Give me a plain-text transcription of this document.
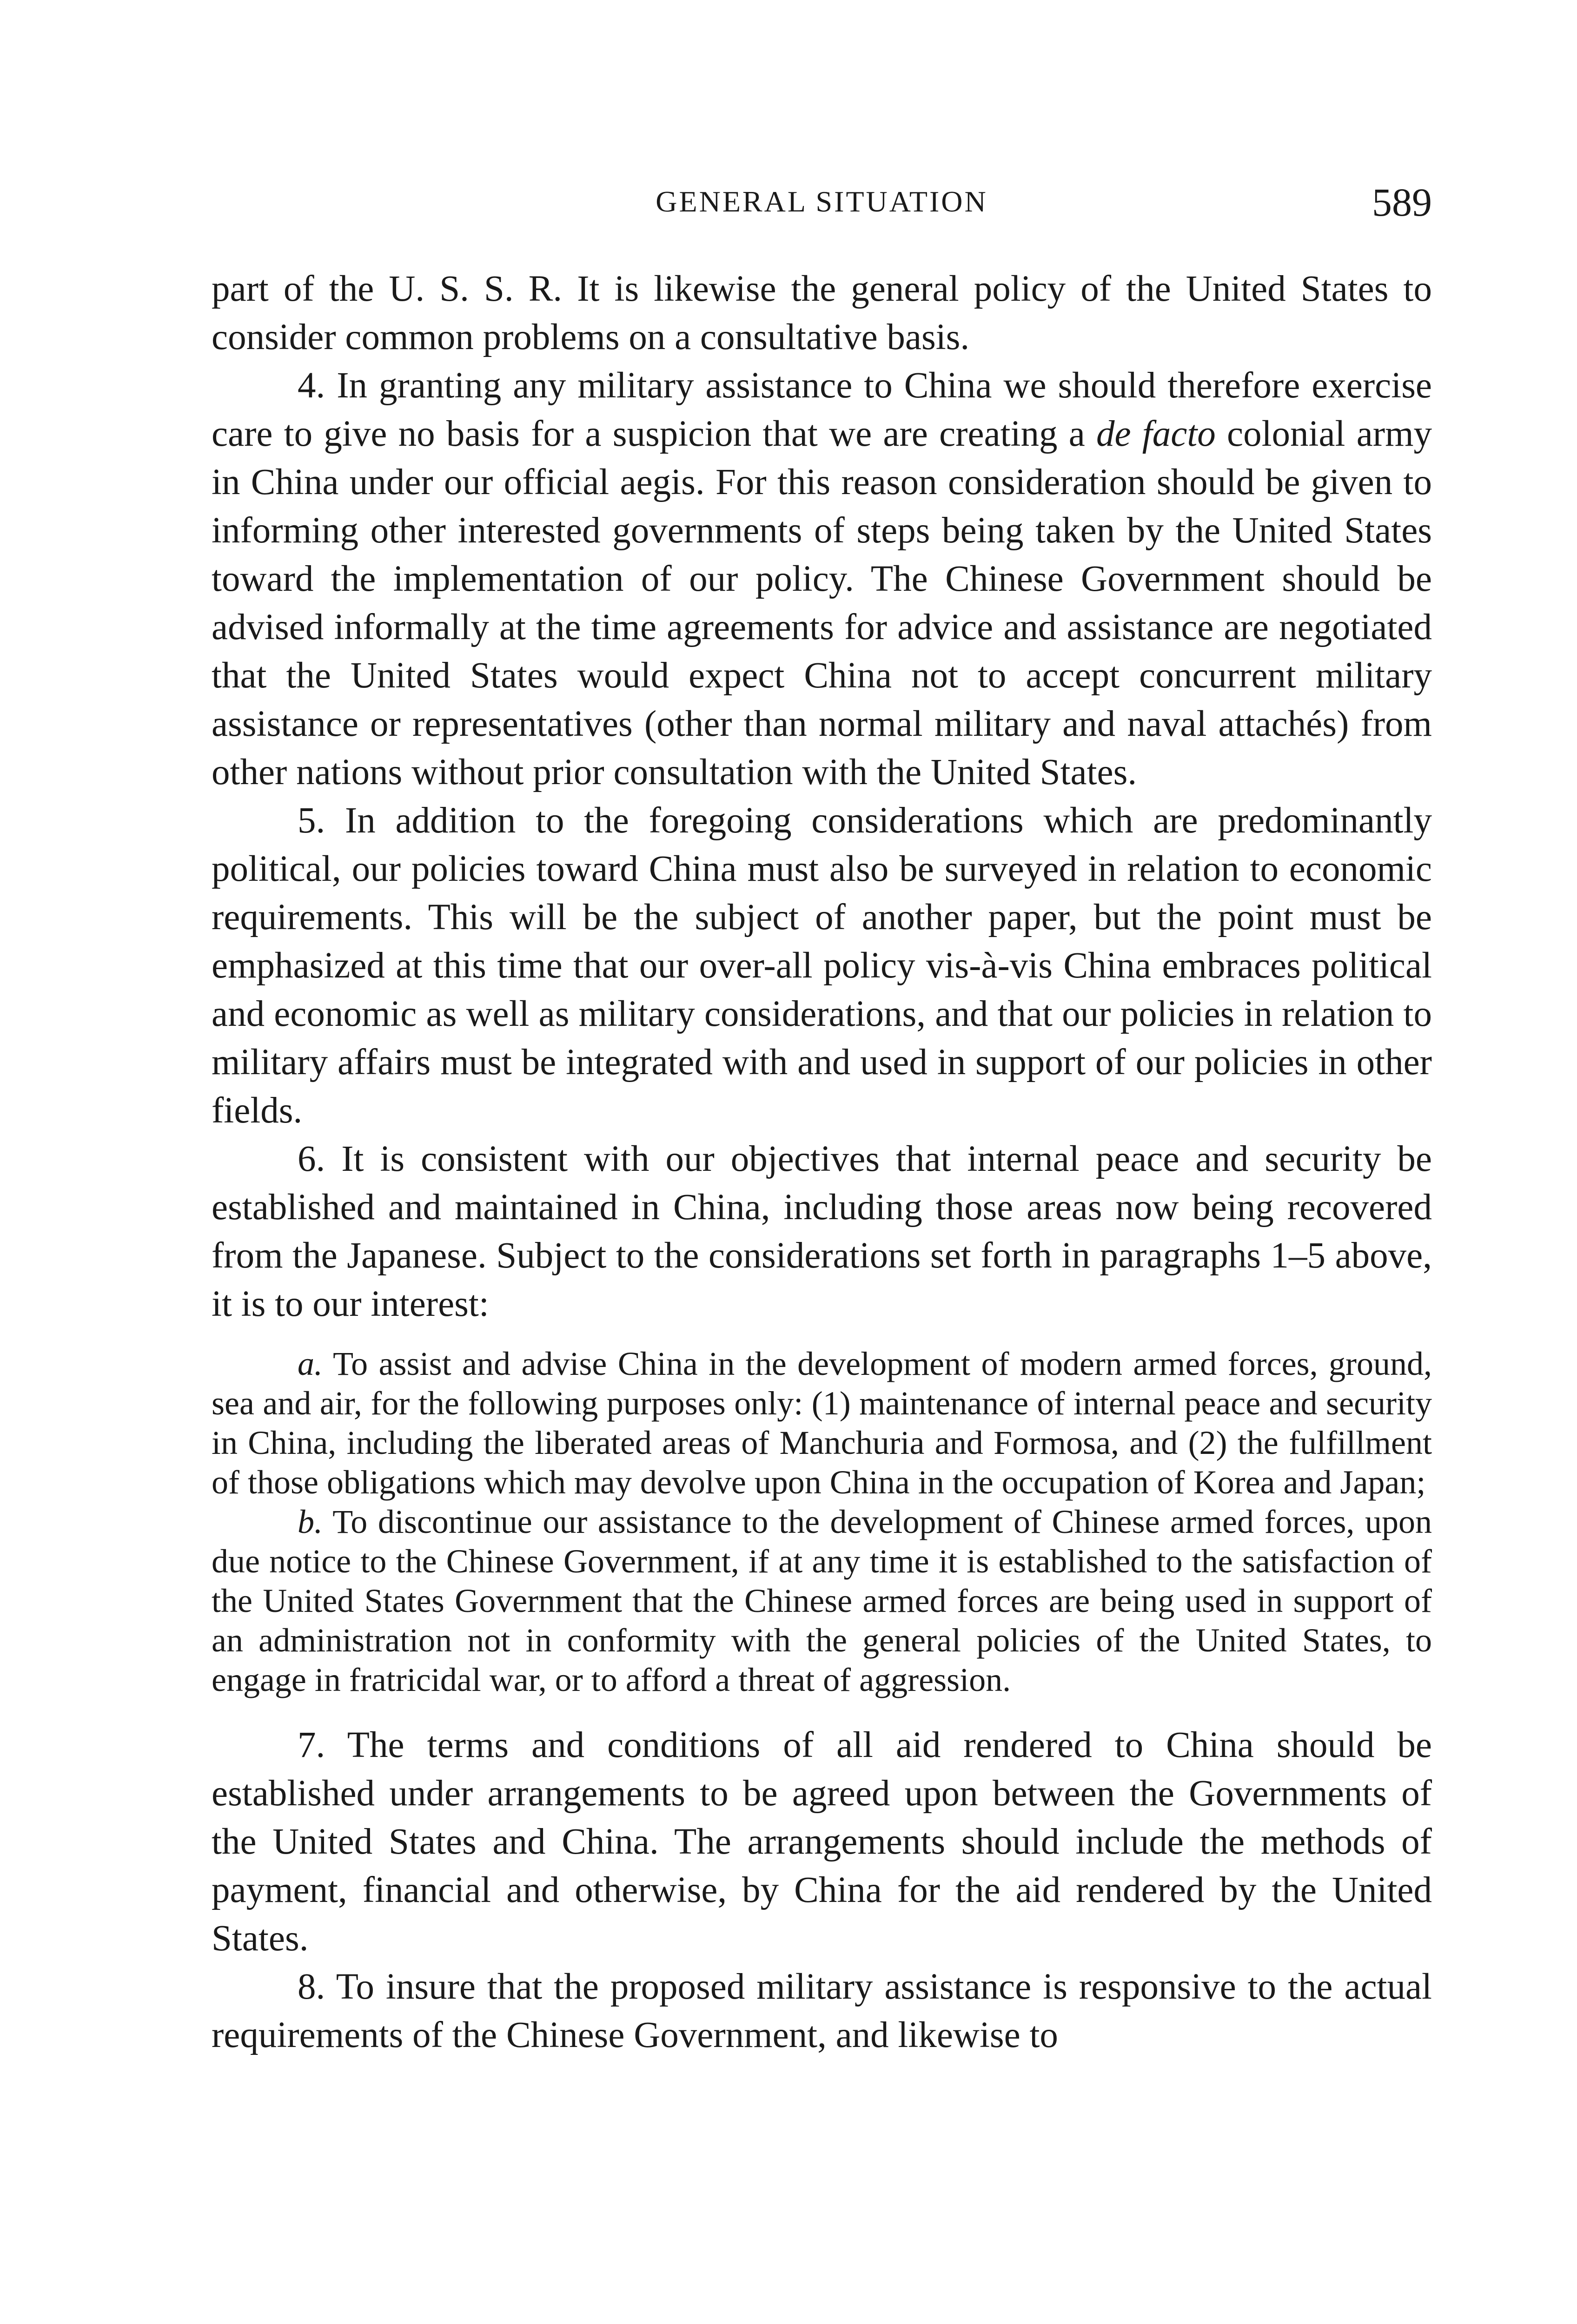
GENERAL SITUATION	589

part of the U. S. S. R. It is likewise the general policy of the United States to consider common problems on a consultative basis.

4. In granting any military assistance to China we should therefore exercise care to give no basis for a suspicion that we are creating a de facto colonial army in China under our official aegis. For this reason consideration should be given to informing other interested governments of steps being taken by the United States toward the implementation of our policy. The Chinese Government should be advised informally at the time agreements for advice and assistance are negotiated that the United States would expect China not to accept concurrent military assistance or representatives (other than normal military and naval attachés) from other nations without prior consultation with the United States.

5. In addition to the foregoing considerations which are predominantly political, our policies toward China must also be surveyed in relation to economic requirements. This will be the subject of another paper, but the point must be emphasized at this time that our over-all policy vis-à-vis China embraces political and economic as well as military considerations, and that our policies in relation to military affairs must be integrated with and used in support of our policies in other fields.

6. It is consistent with our objectives that internal peace and security be established and maintained in China, including those areas now being recovered from the Japanese. Subject to the considerations set forth in paragraphs 1–5 above, it is to our interest:

a. To assist and advise China in the development of modern armed forces, ground, sea and air, for the following purposes only: (1) maintenance of internal peace and security in China, including the liberated areas of Manchuria and Formosa, and (2) the fulfillment of those obligations which may devolve upon China in the occupation of Korea and Japan;

b. To discontinue our assistance to the development of Chinese armed forces, upon due notice to the Chinese Government, if at any time it is established to the satisfaction of the United States Government that the Chinese armed forces are being used in support of an administration not in conformity with the general policies of the United States, to engage in fratricidal war, or to afford a threat of aggression.

7. The terms and conditions of all aid rendered to China should be established under arrangements to be agreed upon between the Governments of the United States and China. The arrangements should include the methods of payment, financial and otherwise, by China for the aid rendered by the United States.

8. To insure that the proposed military assistance is responsive to the actual requirements of the Chinese Government, and likewise to
